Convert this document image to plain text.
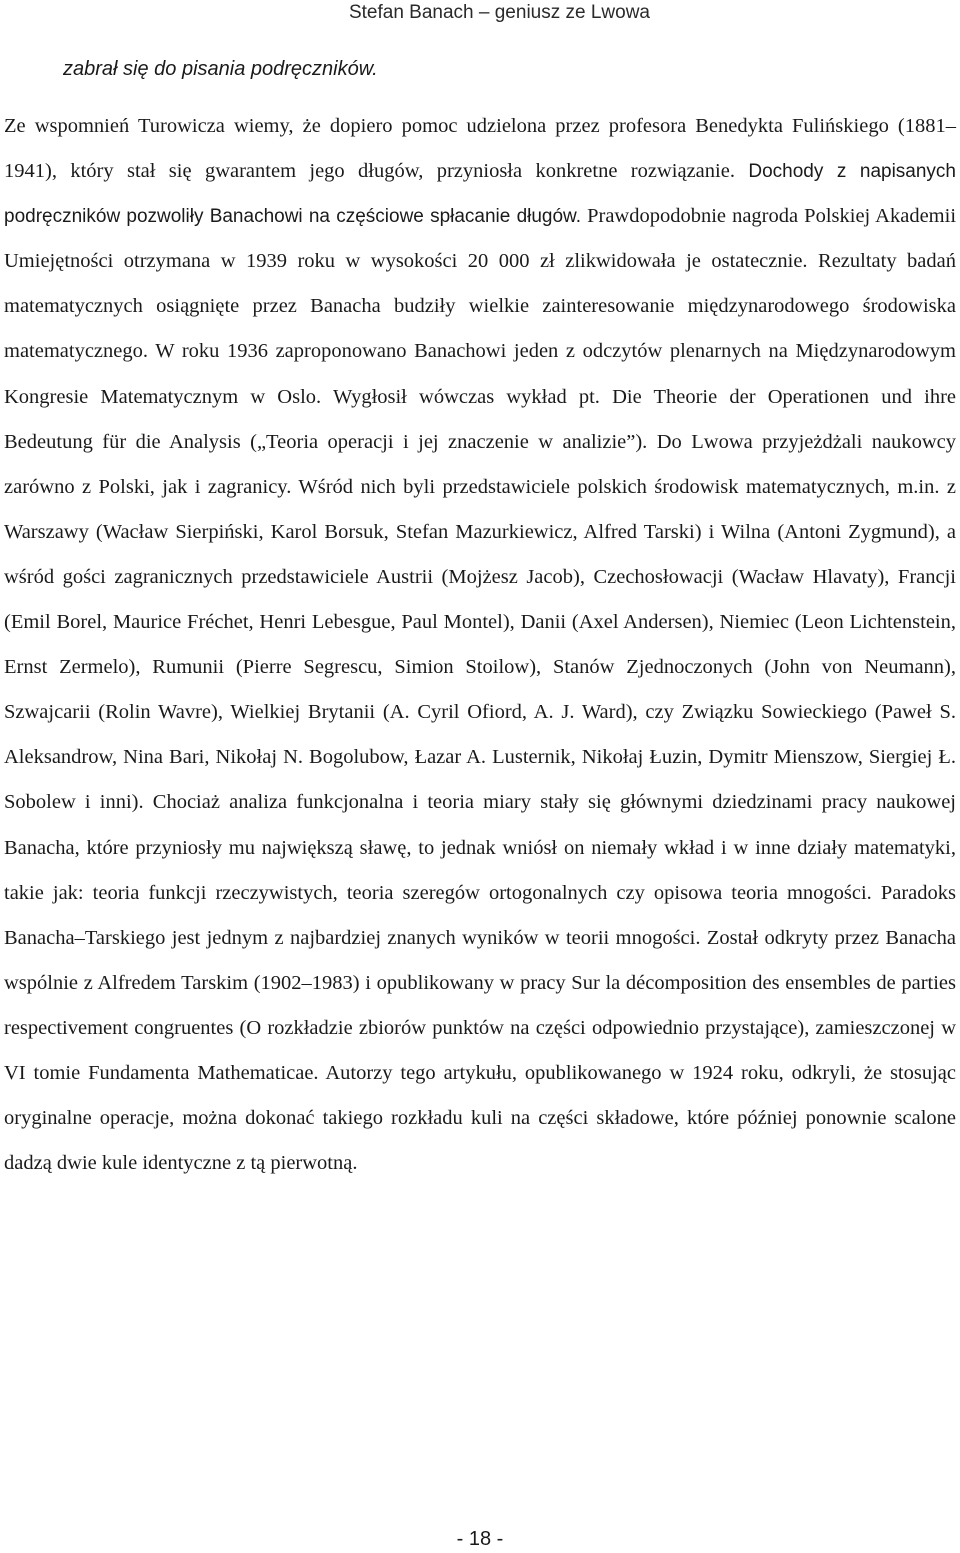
Stefan Banach – geniusz ze Lwowa
zabrał się do pisania podręczników.

Ze wspomnień Turowicza wiemy, że dopiero pomoc udzielona przez profesora Benedykta Fulińskiego (1881–1941), który stał się gwarantem jego długów, przyniosła konkretne rozwiązanie. Dochody z napisanych podręczników pozwoliły Banachowi na częściowe spłacanie długów. Prawdopodobnie nagroda Polskiej Akademii Umiejętności otrzymana w 1939 roku w wysokości 20 000 zł zlikwidowała je ostatecznie. Rezultaty badań matematycznych osiągnięte przez Banacha budziły wielkie zainteresowanie międzynarodowego środowiska matematycznego. W roku 1936 zaproponowano Banachowi jeden z odczytów plenarnych na Międzynarodowym Kongresie Matematycznym w Oslo. Wygłosił wówczas wykład pt. Die Theorie der Operationen und ihre Bedeutung für die Analysis („Teoria operacji i jej znaczenie w analizie”). Do Lwowa przyjeżdżali naukowcy zarówno z Polski, jak i zagranicy. Wśród nich byli przedstawiciele polskich środowisk matematycznych, m.in. z Warszawy (Wacław Sierpiński, Karol Borsuk, Stefan Mazurkiewicz, Alfred Tarski) i Wilna (Antoni Zygmund), a wśród gości zagranicznych przedstawiciele Austrii (Mojżesz Jacob), Czechosłowacji (Wacław Hlavaty), Francji (Emil Borel, Maurice Fréchet, Henri Lebesgue, Paul Montel), Danii (Axel Andersen), Niemiec (Leon Lichtenstein, Ernst Zermelo), Rumunii (Pierre Segrescu, Simion Stoilow), Stanów Zjednoczonych (John von Neumann), Szwajcarii (Rolin Wavre), Wielkiej Brytanii (A. Cyril Ofiord, A. J. Ward), czy Związku Sowieckiego (Paweł S. Aleksandrow, Nina Bari, Nikołaj N. Bogolubow, Łazar A. Lusternik, Nikołaj Łuzin, Dymitr Mienszow, Siergiej Ł. Sobolew i inni). Chociaż analiza funkcjonalna i teoria miary stały się głównymi dziedzinami pracy naukowej Banacha, które przyniosły mu największą sławę, to jednak wniósł on niemały wkład i w inne działy matematyki, takie jak: teoria funkcji rzeczywistych, teoria szeregów ortogonalnych czy opisowa teoria mnogości. Paradoks Banacha–Tarskiego jest jednym z najbardziej znanych wyników w teorii mnogości. Został odkryty przez Banacha wspólnie z Alfredem Tarskim (1902–1983) i opublikowany w pracy Sur la décomposition des ensembles de parties respectivement congruentes (O rozkładzie zbiorów punktów na części odpowiednio przystające), zamieszczonej w VI tomie Fundamenta Mathematicae. Autorzy tego artykułu, opublikowanego w 1924 roku, odkryli, że stosując oryginalne operacje, można dokonać takiego rozkładu kuli na części składowe, które później ponownie scalone dadzą dwie kule identyczne z tą pierwotną.

- 18 -
